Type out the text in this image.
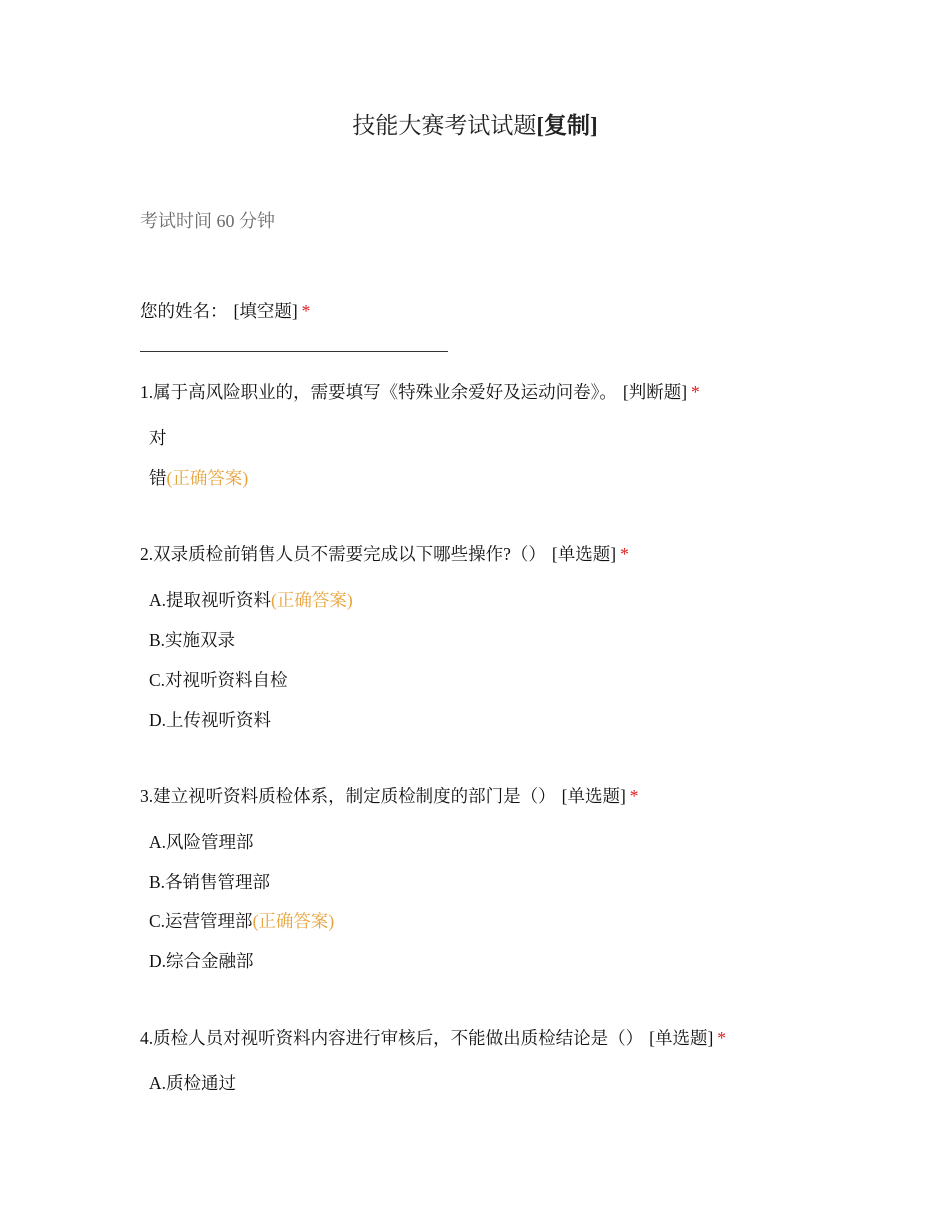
技能大赛考试试题[复制]

考试时间 60 分钟

您的姓名： [填空题] *

1.属于高风险职业的，需要填写《特殊业余爱好及运动问卷》。 [判断题] *

对

错(正确答案)

2.双录质检前销售人员不需要完成以下哪些操作?（） [单选题] *

A.提取视听资料(正确答案)

B.实施双录

C.对视听资料自检

D.上传视听资料

3.建立视听资料质检体系，制定质检制度的部门是（） [单选题] *

A.风险管理部

B.各销售管理部

C.运营管理部(正确答案)

D.综合金融部

4.质检人员对视听资料内容进行审核后，不能做出质检结论是（） [单选题] *

A.质检通过
